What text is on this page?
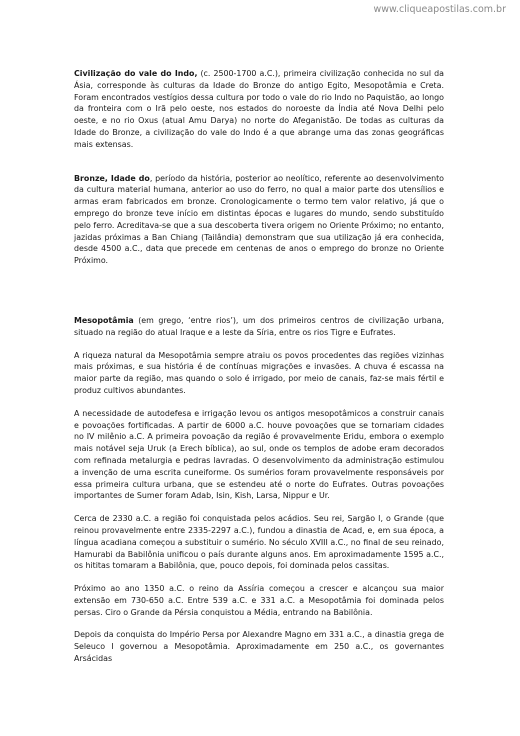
www.cliqueapostilas.com.br

Civilização do vale do Indo, (c. 2500-1700 a.C.), primeira civilização conhecida no sul da Ásia, corresponde às culturas da Idade do Bronze do antigo Egito, Mesopotâmia e Creta. Foram encontrados vestígios dessa cultura por todo o vale do rio Indo no Paquistão, ao longo da fronteira com o Irã pelo oeste, nos estados do noroeste da Índia até Nova Delhi pelo oeste, e no rio Oxus (atual Amu Darya) no norte do Afeganistão. De todas as culturas da Idade do Bronze, a civilização do vale do Indo é a que abrange uma das zonas geográficas mais extensas.

Bronze, Idade do, período da história, posterior ao neolítico, referente ao desenvolvimento da cultura material humana, anterior ao uso do ferro, no qual a maior parte dos utensílios e armas eram fabricados em bronze. Cronologicamente o termo tem valor relativo, já que o emprego do bronze teve início em distintas épocas e lugares do mundo, sendo substituído pelo ferro. Acreditava-se que a sua descoberta tivera origem no Oriente Próximo; no entanto, jazidas próximas a Ban Chiang (Tailândia) demonstram que sua utilização já era conhecida, desde 4500 a.C., data que precede em centenas de anos o emprego do bronze no Oriente Próximo.

Mesopotâmia (em grego, ‘entre rios’), um dos primeiros centros de civilização urbana, situado na região do atual Iraque e a leste da Síria, entre os rios Tigre e Eufrates.

A riqueza natural da Mesopotâmia sempre atraiu os povos procedentes das regiões vizinhas mais próximas, e sua história é de contínuas migrações e invasões. A chuva é escassa na maior parte da região, mas quando o solo é irrigado, por meio de canais, faz-se mais fértil e produz cultivos abundantes.

A necessidade de autodefesa e irrigação levou os antigos mesopotâmicos a construir canais e povoações fortificadas. A partir de 6000 a.C. houve povoações que se tornariam cidades no IV milênio a.C. A primeira povoação da região é provavelmente Eridu, embora o exemplo mais notável seja Uruk (a Erech bíblica), ao sul, onde os templos de adobe eram decorados com refinada metalurgia e pedras lavradas. O desenvolvimento da administração estimulou a invenção de uma escrita cuneiforme. Os sumérios foram provavelmente responsáveis por essa primeira cultura urbana, que se estendeu até o norte do Eufrates. Outras povoações importantes de Sumer foram Adab, Isin, Kish, Larsa, Nippur e Ur.

Cerca de 2330 a.C. a região foi conquistada pelos acádios. Seu rei, Sargão I, o Grande (que reinou provavelmente entre 2335-2297 a.C.), fundou a dinastia de Acad, e, em sua época, a língua acadiana começou a substituir o sumério. No século XVIII a.C., no final de seu reinado, Hamurabi da Babilônia unificou o país durante alguns anos. Em aproximadamente 1595 a.C., os hititas tomaram a Babilônia, que, pouco depois, foi dominada pelos cassitas.

Próximo ao ano 1350 a.C. o reino da Assíria começou a crescer e alcançou sua maior extensão em 730-650 a.C. Entre 539 a.C. e 331 a.C. a Mesopotâmia foi dominada pelos persas. Ciro o Grande da Pérsia conquistou a Média, entrando na Babilônia.

Depois da conquista do Império Persa por Alexandre Magno em 331 a.C., a dinastia grega de Seleuco I governou a Mesopotâmia. Aproximadamente em 250 a.C., os governantes Arsácidas
